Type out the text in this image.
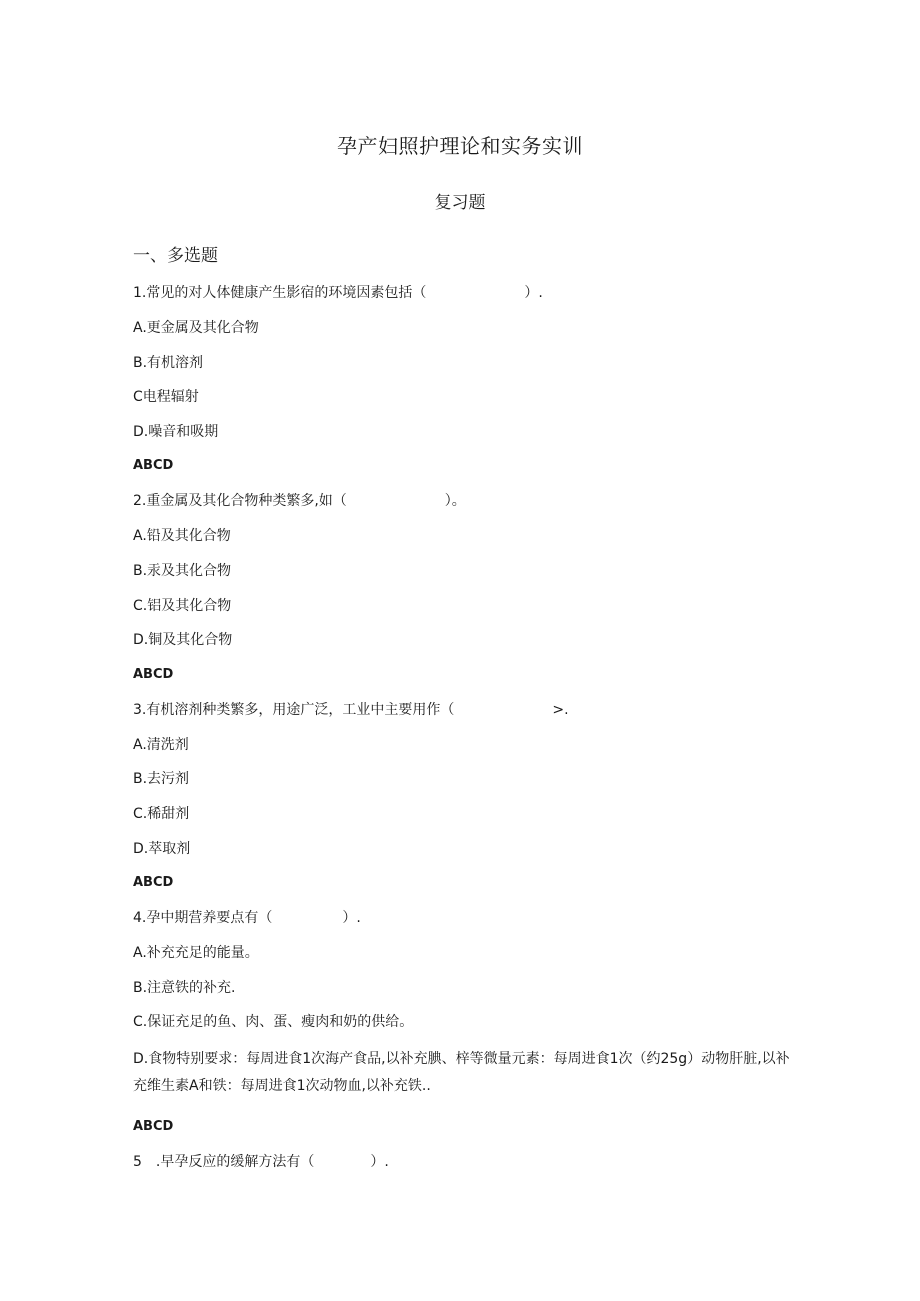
孕产妇照护理论和实务实训
复习题
一、多选题

1.常见的对人体健康产生影宿的环境因素包括（　　　　　　　）.

A.更金属及其化合物

B.有机溶剂

C电程辐射

D.噪音和吸期

ABCD

2.重金属及其化合物种类繁多,如（　　　　　　　）。

A.铅及其化合物

B.汞及其化合物

C.铝及其化合物

D.铜及其化合物

ABCD

3.有机溶剂种类繁多，用途广泛，工业中主要用作（　　　　　　　>.

A.清洗剂

B.去污剂

C.稀甜剂

D.萃取剂

ABCD

4.孕中期营养要点有（　　　　　）.

A.补充充足的能量。

B.注意铁的补充.

C.保证充足的鱼、肉、蛋、瘦肉和奶的供给。

D.食物特别要求：每周进食1次海产食品,以补充腆、梓等微量元素：每周进食1次（约25g）动物肝脏,以补充维生素A和铁：每周进食1次动物血,以补充铁..

ABCD

5　.早孕反应的缓解方法有（　　　　）.
